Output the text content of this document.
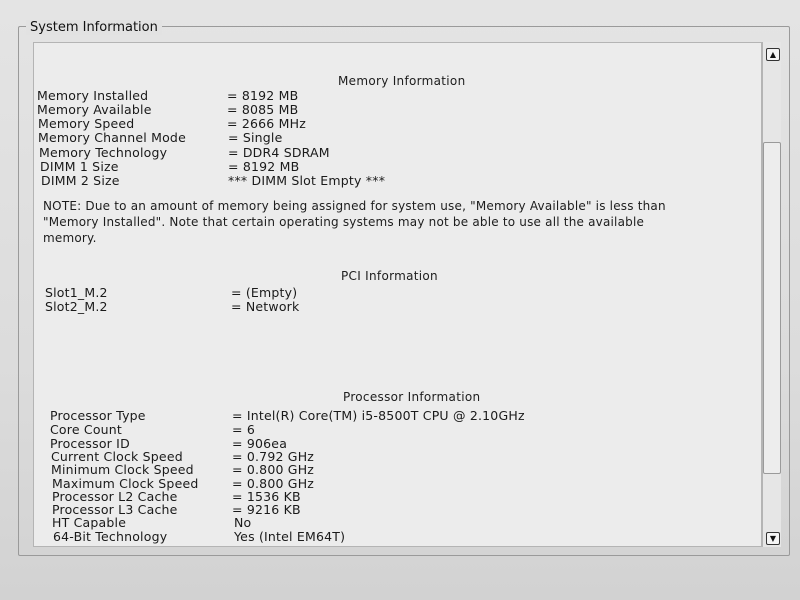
System Information
Memory Information
Memory Installed	= 8192 MB
Memory Available	= 8085 MB
Memory Speed	= 2666 MHz
Memory Channel Mode	= Single
Memory Technology	= DDR4 SDRAM
DIMM 1 Size	= 8192 MB
DIMM 2 Size	*** DIMM Slot Empty ***
NOTE: Due to an amount of memory being assigned for system use, "Memory Available" is less than "Memory Installed". Note that certain operating systems may not be able to use all the available memory.
PCI Information
Slot1_M.2	= (Empty)
Slot2_M.2	= Network
Processor Information
Processor Type	= Intel(R) Core(TM) i5-8500T CPU @ 2.10GHz
Core Count	= 6
Processor ID	= 906ea
Current Clock Speed	= 0.792 GHz
Minimum Clock Speed	= 0.800 GHz
Maximum Clock Speed	= 0.800 GHz
Processor L2 Cache	= 1536 KB
Processor L3 Cache	= 9216 KB
HT Capable	No
64-Bit Technology	Yes (Intel EM64T)
▲
▼
